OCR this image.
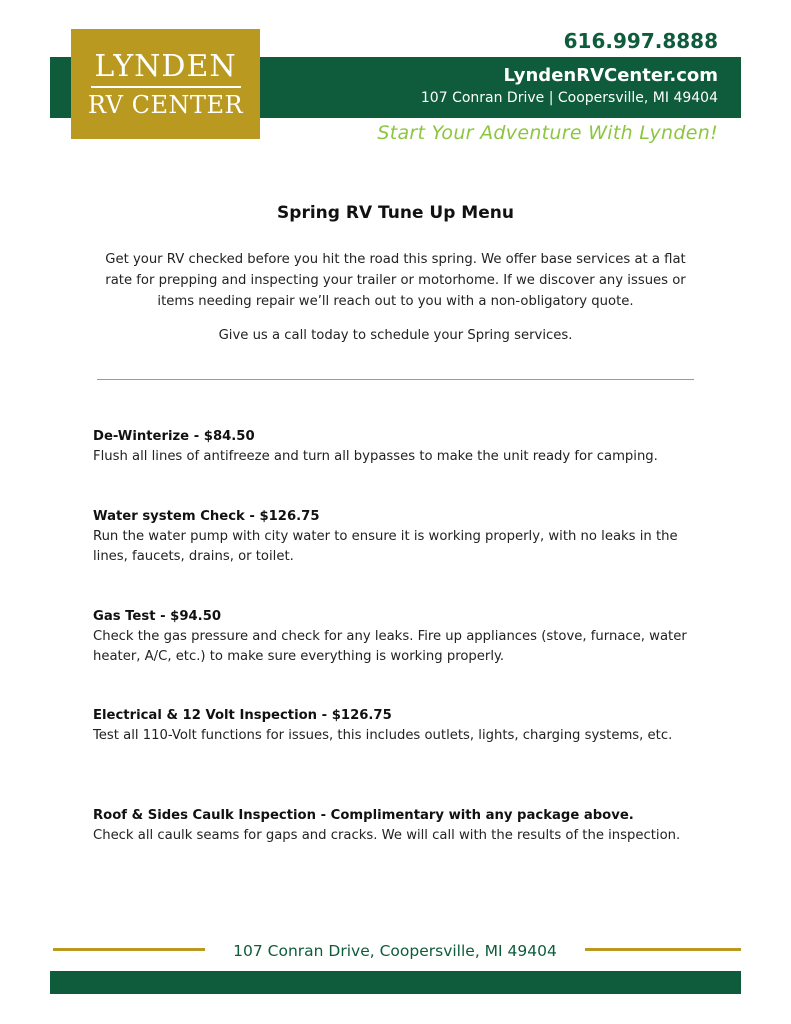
LYNDEN
RV CENTER
616.997.8888
LyndenRVCenter.com
107 Conran Drive | Coopersville, MI 49404
Start Your Adventure With Lynden!
Spring RV Tune Up Menu
Get your RV checked before you hit the road this spring. We offer base services at a flat rate for prepping and inspecting your trailer or motorhome. If we discover any issues or items needing repair we’ll reach out to you with a non-obligatory quote.
Give us a call today to schedule your Spring services.
De-Winterize - $84.50
Flush all lines of antifreeze and turn all bypasses to make the unit ready for camping.
Water system Check - $126.75
Run the water pump with city water to ensure it is working properly, with no leaks in the lines, faucets, drains, or toilet.
Gas Test - $94.50
Check the gas pressure and check for any leaks. Fire up appliances (stove, furnace, water heater, A/C, etc.) to make sure everything is working properly.
Electrical & 12 Volt Inspection - $126.75
Test all 110-Volt functions for issues, this includes outlets, lights, charging systems, etc.
Roof & Sides Caulk Inspection - Complimentary with any package above.
Check all caulk seams for gaps and cracks. We will call with the results of the inspection.
107 Conran Drive, Coopersville, MI 49404
